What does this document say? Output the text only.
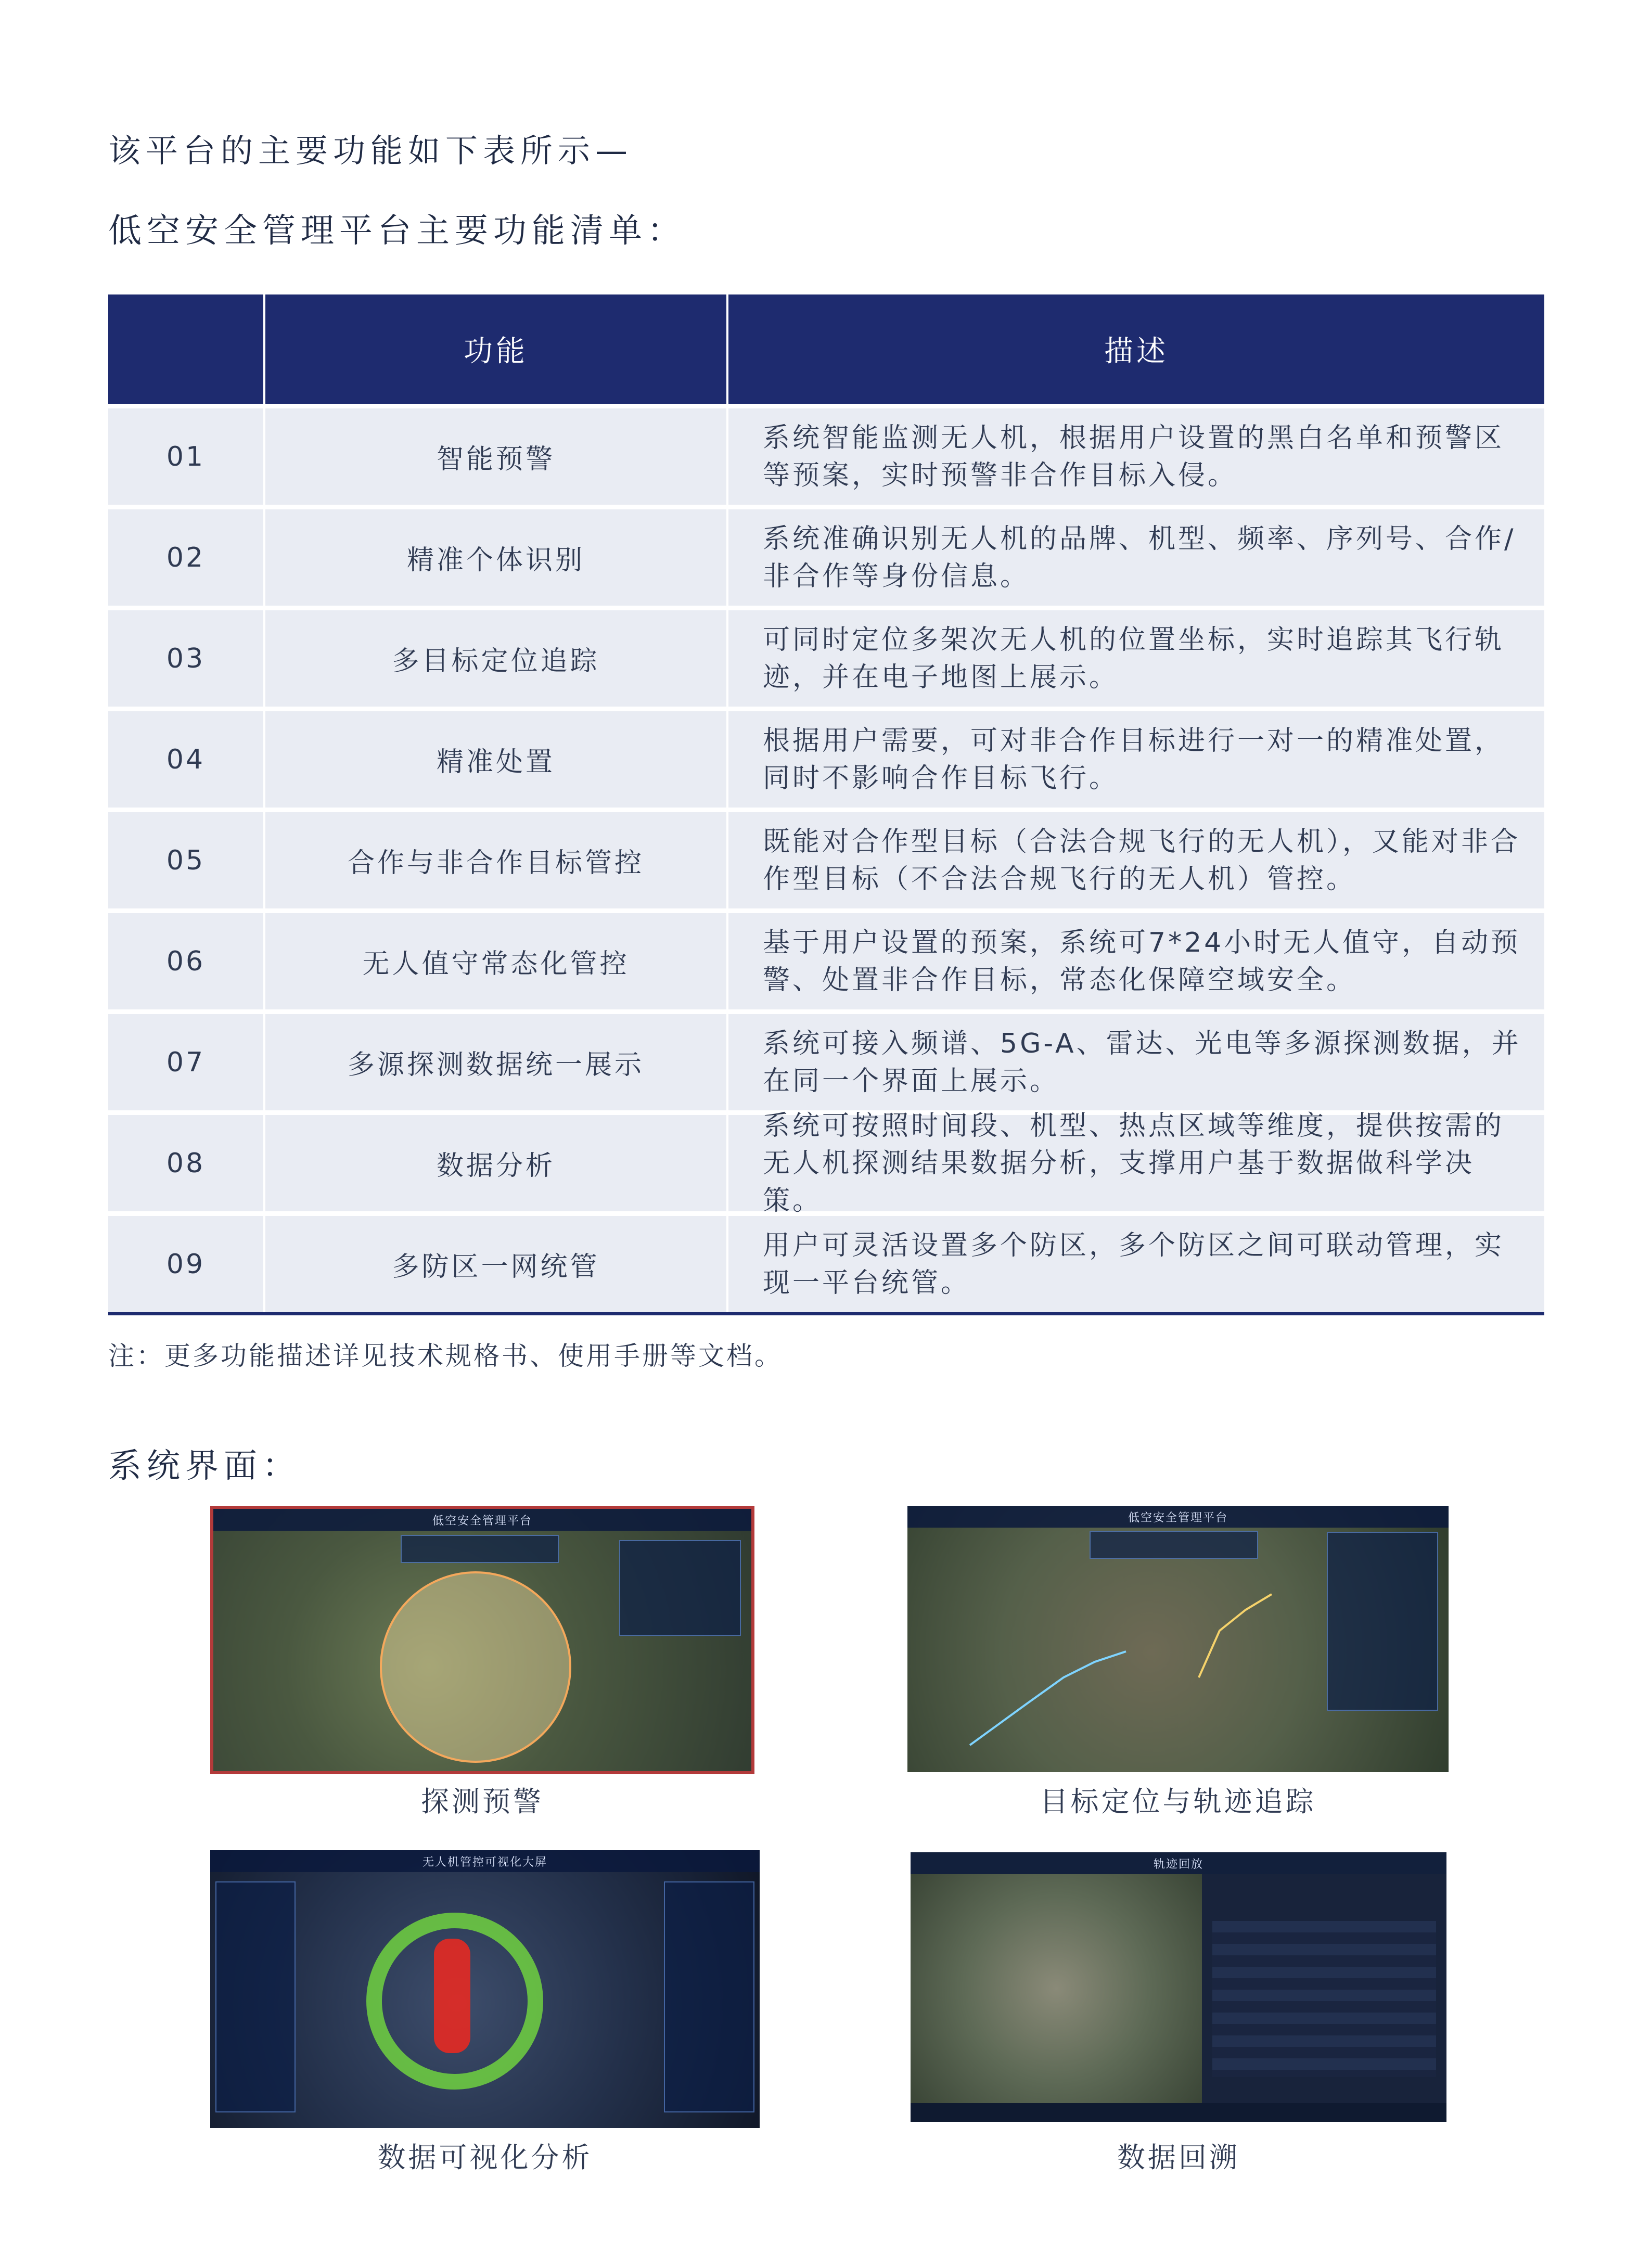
该平台的主要功能如下表所示—
低空安全管理平台主要功能清单：
功能	描述
01	智能预警
系统智能监测无人机，根据用户设置的黑白名单和预警区等预案，实时预警非合作目标入侵。
02	精准个体识别
系统准确识别无人机的品牌、机型、频率、序列号、合作/非合作等身份信息。
03	多目标定位追踪
可同时定位多架次无人机的位置坐标，实时追踪其飞行轨迹，并在电子地图上展示。
04	精准处置
根据用户需要，可对非合作目标进行一对一的精准处置，同时不影响合作目标飞行。
05	合作与非合作目标管控
既能对合作型目标（合法合规飞行的无人机），又能对非合作型目标（不合法合规飞行的无人机）管控。
06	无人值守常态化管控
基于用户设置的预案，系统可7*24小时无人值守，自动预警、处置非合作目标，常态化保障空域安全。
07	多源探测数据统一展示
系统可接入频谱、5G-A、雷达、光电等多源探测数据，并在同一个界面上展示。
08	数据分析
系统可按照时间段、机型、热点区域等维度，提供按需的无人机探测结果数据分析，支撑用户基于数据做科学决策。
09	多防区一网统管
用户可灵活设置多个防区，多个防区之间可联动管理，实现一平台统管。
注：更多功能描述详见技术规格书、使用手册等文档。
系统界面：
低空安全管理平台
探测预警
低空安全管理平台
目标定位与轨迹追踪
无人机管控可视化大屏
数据可视化分析
轨迹回放
数据回溯
